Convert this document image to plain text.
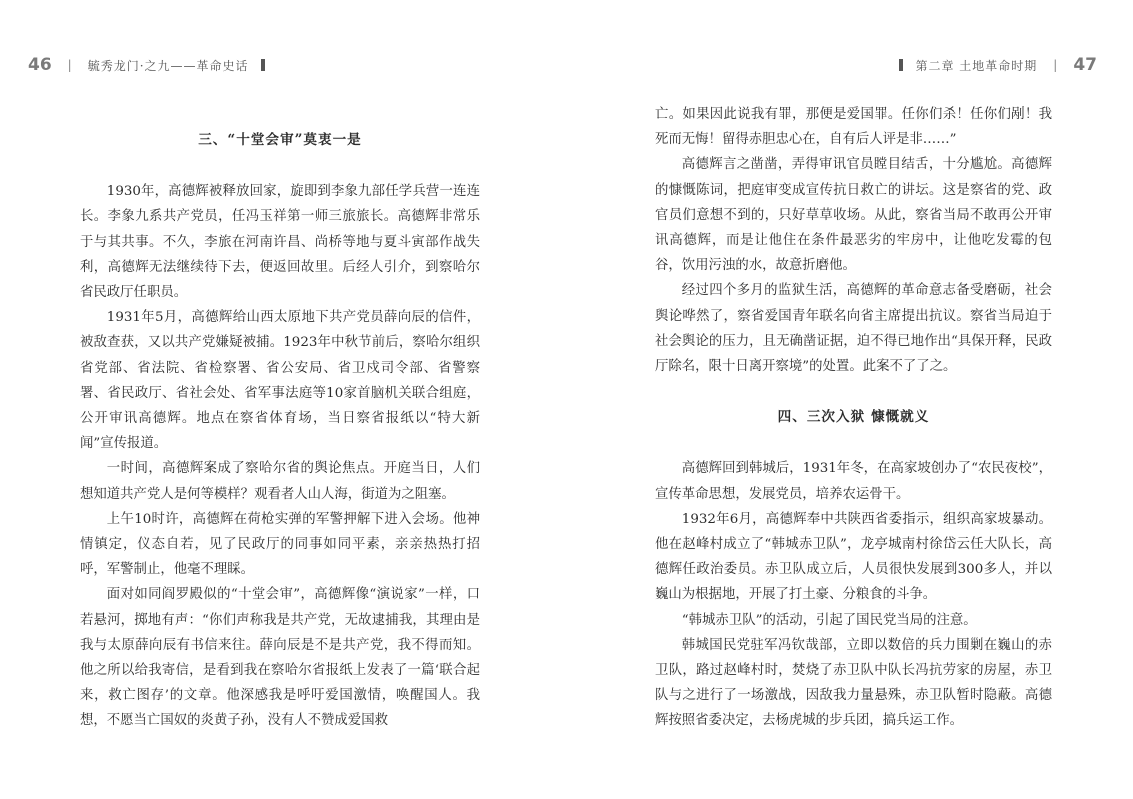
46 | 毓秀龙门·之九——革命史话
三、“十堂会审”莫衷一是

1930年，高德辉被释放回家，旋即到李象九部任学兵营一连连长。李象九系共产党员，任冯玉祥第一师三旅旅长。高德辉非常乐于与其共事。不久，李旅在河南许昌、尚桥等地与夏斗寅部作战失利，高德辉无法继续待下去，便返回故里。后经人引介，到察哈尔省民政厅任职员。

1931年5月，高德辉给山西太原地下共产党员薛向辰的信件，被敌查获，又以共产党嫌疑被捕。1923年中秋节前后，察哈尔组织省党部、省法院、省检察署、省公安局、省卫戍司令部、省警察署、省民政厅、省社会处、省军事法庭等10家首脑机关联合组庭，公开审讯高德辉。地点在察省体育场，当日察省报纸以“特大新闻”宣传报道。

一时间，高德辉案成了察哈尔省的舆论焦点。开庭当日，人们想知道共产党人是何等模样？观看者人山人海，街道为之阻塞。

上午10时许，高德辉在荷枪实弹的军警押解下进入会场。他神情镇定，仪态自若，见了民政厅的同事如同平素，亲亲热热打招呼，军警制止，他毫不理睬。

面对如同阎罗殿似的“十堂会审”，高德辉像“演说家”一样，口若悬河，掷地有声：“你们声称我是共产党，无故逮捕我，其理由是我与太原薛向辰有书信来往。薛向辰是不是共产党，我不得而知。他之所以给我寄信，是看到我在察哈尔省报纸上发表了一篇‘联合起来，救亡图存’的文章。他深感我是呼吁爱国激情，唤醒国人。我想，不愿当亡国奴的炎黄子孙，没有人不赞成爱国救

第二章 土地革命时期 | 47

亡。如果因此说我有罪，那便是爱国罪。任你们杀！任你们剐！我死而无悔！留得赤胆忠心在，自有后人评是非……”

高德辉言之凿凿，弄得审讯官员瞠目结舌，十分尴尬。高德辉的慷慨陈词，把庭审变成宣传抗日救亡的讲坛。这是察省的党、政官员们意想不到的，只好草草收场。从此，察省当局不敢再公开审讯高德辉，而是让他住在条件最恶劣的牢房中，让他吃发霉的包谷，饮用污浊的水，故意折磨他。

经过四个多月的监狱生活，高德辉的革命意志备受磨砺，社会舆论哗然了，察省爱国青年联名向省主席提出抗议。察省当局迫于社会舆论的压力，且无确凿证据，迫不得已地作出“具保开释，民政厅除名，限十日离开察境”的处置。此案不了了之。

四、三次入狱 慷慨就义

高德辉回到韩城后，1931年冬，在高家坡创办了“农民夜校”，宣传革命思想，发展党员，培养农运骨干。

1932年6月，高德辉奉中共陕西省委指示，组织高家坡暴动。他在赵峰村成立了“韩城赤卫队”，龙亭城南村徐岱云任大队长，高德辉任政治委员。赤卫队成立后，人员很快发展到300多人，并以巍山为根据地，开展了打土豪、分粮食的斗争。

“韩城赤卫队”的活动，引起了国民党当局的注意。

韩城国民党驻军冯钦哉部，立即以数倍的兵力围剿在巍山的赤卫队，路过赵峰村时，焚烧了赤卫队中队长冯抗劳家的房屋，赤卫队与之进行了一场激战，因敌我力量悬殊，赤卫队暂时隐蔽。高德辉按照省委决定，去杨虎城的步兵团，搞兵运工作。
